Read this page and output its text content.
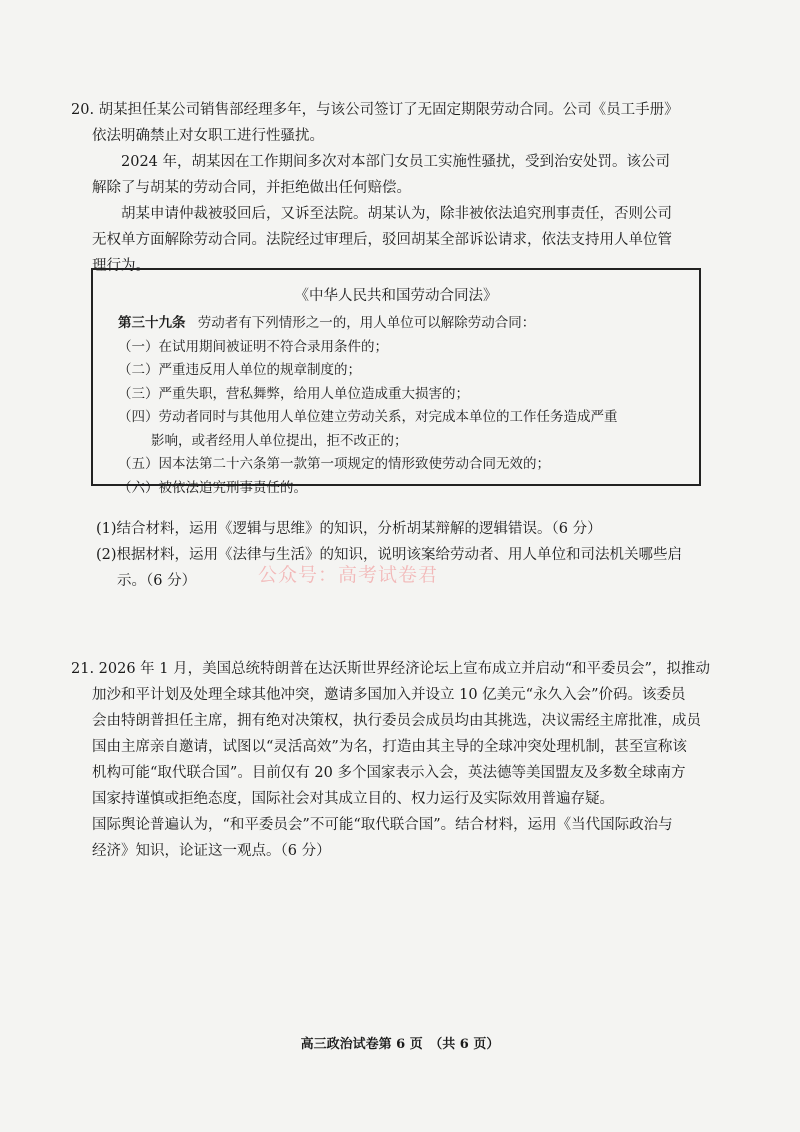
20. 胡某担任某公司销售部经理多年，与该公司签订了无固定期限劳动合同。公司《员工手册》
依法明确禁止对女职工进行性骚扰。
2024 年，胡某因在工作期间多次对本部门女员工实施性骚扰，受到治安处罚。该公司
解除了与胡某的劳动合同，并拒绝做出任何赔偿。
胡某申请仲裁被驳回后，又诉至法院。胡某认为，除非被依法追究刑事责任，否则公司
无权单方面解除劳动合同。法院经过审理后，驳回胡某全部诉讼请求，依法支持用人单位管
理行为。
《中华人民共和国劳动合同法》
第三十九条 劳动者有下列情形之一的，用人单位可以解除劳动合同：
（一）在试用期间被证明不符合录用条件的；
（二）严重违反用人单位的规章制度的；
（三）严重失职，营私舞弊，给用人单位造成重大损害的；
（四）劳动者同时与其他用人单位建立劳动关系，对完成本单位的工作任务造成严重
影响，或者经用人单位提出，拒不改正的；
（五）因本法第二十六条第一款第一项规定的情形致使劳动合同无效的；
（六）被依法追究刑事责任的。
(1)结合材料，运用《逻辑与思维》的知识，分析胡某辩解的逻辑错误。（6 分）
(2)根据材料，运用《法律与生活》的知识，说明该案给劳动者、用人单位和司法机关哪些启
示。（6 分）	公众号：高考试卷君
21. 2026 年 1 月，美国总统特朗普在达沃斯世界经济论坛上宣布成立并启动“和平委员会”，拟推动
加沙和平计划及处理全球其他冲突，邀请多国加入并设立 10 亿美元“永久入会”价码。该委员
会由特朗普担任主席，拥有绝对决策权，执行委员会成员均由其挑选，决议需经主席批准，成员
国由主席亲自邀请，试图以“灵活高效”为名，打造由其主导的全球冲突处理机制，甚至宣称该
机构可能“取代联合国”。目前仅有 20 多个国家表示入会，英法德等美国盟友及多数全球南方
国家持谨慎或拒绝态度，国际社会对其成立目的、权力运行及实际效用普遍存疑。
国际舆论普遍认为，“和平委员会”不可能“取代联合国”。结合材料，运用《当代国际政治与
经济》知识，论证这一观点。（6 分）
高三政治试卷第 6 页　（共 6 页）
